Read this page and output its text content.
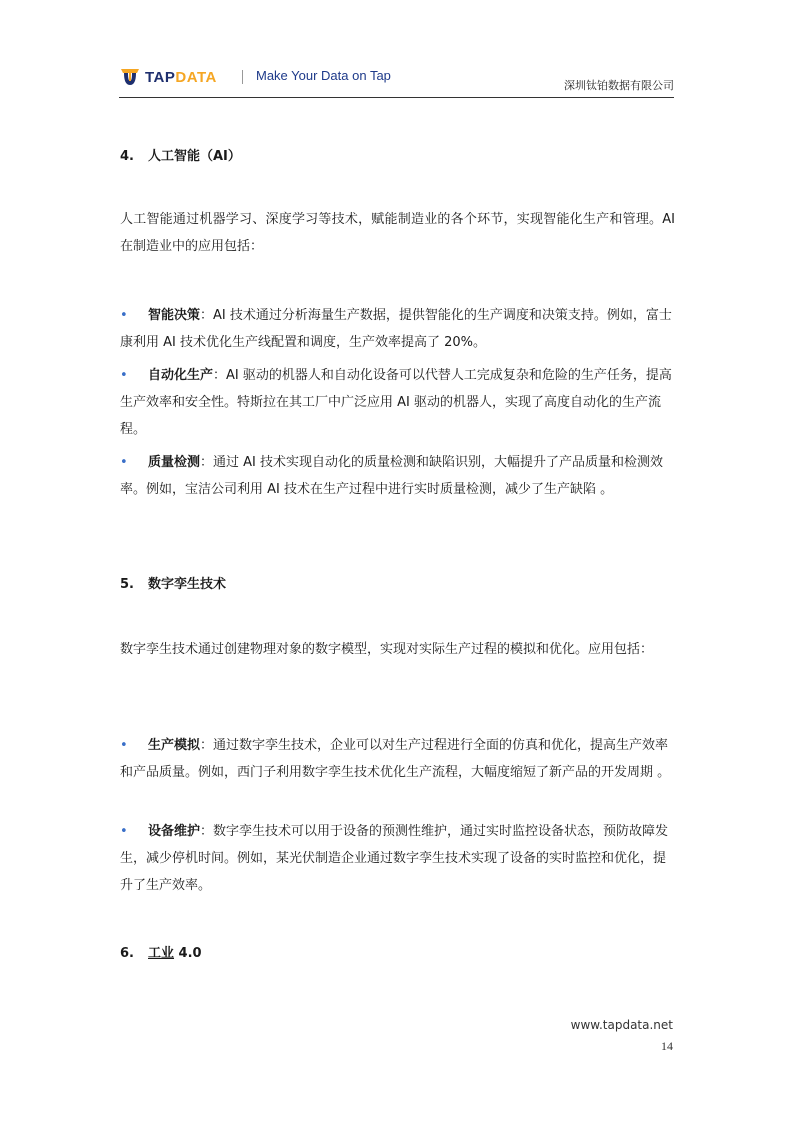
TAPDATA	Make Your Data on Tap
深圳钛铂数据有限公司
4. 人工智能（AI）
人工智能通过机器学习、深度学习等技术，赋能制造业的各个环节，实现智能化生产和管理。AI 在制造业中的应用包括：
•	智能决策：AI 技术通过分析海量生产数据，提供智能化的生产调度和决策支持。例如，富士康利用 AI 技术优化生产线配置和调度，生产效率提高了 20%。
•	自动化生产：AI 驱动的机器人和自动化设备可以代替人工完成复杂和危险的生产任务，提高生产效率和安全性。特斯拉在其工厂中广泛应用 AI 驱动的机器人，实现了高度自动化的生产流程。
•	质量检测：通过 AI 技术实现自动化的质量检测和缺陷识别，大幅提升了产品质量和检测效率。例如，宝洁公司利用 AI 技术在生产过程中进行实时质量检测，减少了生产缺陷 。
5. 数字孪生技术
数字孪生技术通过创建物理对象的数字模型，实现对实际生产过程的模拟和优化。应用包括：
•	生产模拟：通过数字孪生技术，企业可以对生产过程进行全面的仿真和优化，提高生产效率和产品质量。例如，西门子利用数字孪生技术优化生产流程，大幅度缩短了新产品的开发周期 。
•	设备维护：数字孪生技术可以用于设备的预测性维护，通过实时监控设备状态，预防故障发生，减少停机时间。例如，某光伏制造企业通过数字孪生技术实现了设备的实时监控和优化，提升了生产效率。
6. 工业 4.0
www.tapdata.net
14
